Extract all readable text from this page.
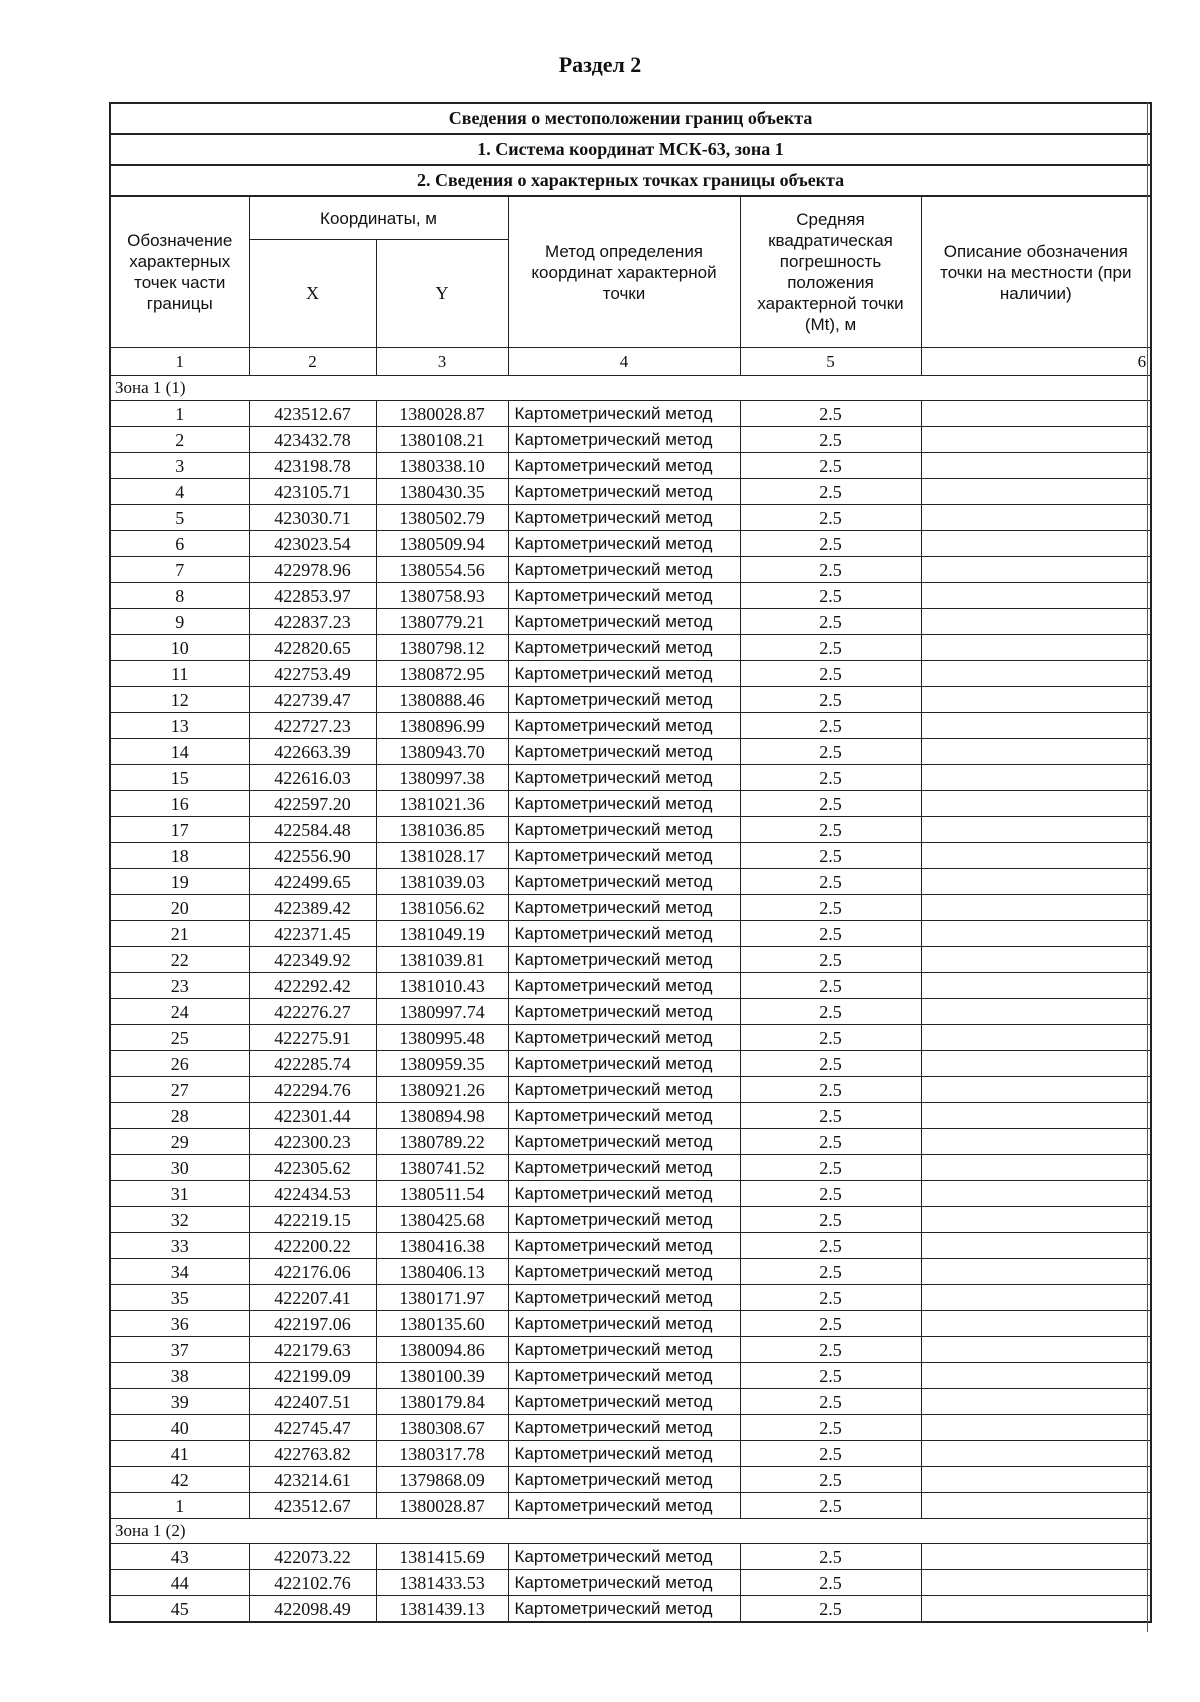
Раздел 2
Сведения о местоположении границ объекта					
1. Система координат МСК-63, зона 1					
2. Сведения о характерных точках границы объекта					
Обозначение характерных точек части границы	Координаты, м		Метод определения координат характерной точки	Средняя квадратическая погрешность положения характерной точки (Mt), м	Описание обозначения точки на местности (при наличии)
	X	Y			
1	2	3	4	5	6
Зона 1 (1)					
1	423512.67	1380028.87	Картометрический метод	2.5	
2	423432.78	1380108.21	Картометрический метод	2.5	
3	423198.78	1380338.10	Картометрический метод	2.5	
4	423105.71	1380430.35	Картометрический метод	2.5	
5	423030.71	1380502.79	Картометрический метод	2.5	
6	423023.54	1380509.94	Картометрический метод	2.5	
7	422978.96	1380554.56	Картометрический метод	2.5	
8	422853.97	1380758.93	Картометрический метод	2.5	
9	422837.23	1380779.21	Картометрический метод	2.5	
10	422820.65	1380798.12	Картометрический метод	2.5	
11	422753.49	1380872.95	Картометрический метод	2.5	
12	422739.47	1380888.46	Картометрический метод	2.5	
13	422727.23	1380896.99	Картометрический метод	2.5	
14	422663.39	1380943.70	Картометрический метод	2.5	
15	422616.03	1380997.38	Картометрический метод	2.5	
16	422597.20	1381021.36	Картометрический метод	2.5	
17	422584.48	1381036.85	Картометрический метод	2.5	
18	422556.90	1381028.17	Картометрический метод	2.5	
19	422499.65	1381039.03	Картометрический метод	2.5	
20	422389.42	1381056.62	Картометрический метод	2.5	
21	422371.45	1381049.19	Картометрический метод	2.5	
22	422349.92	1381039.81	Картометрический метод	2.5	
23	422292.42	1381010.43	Картометрический метод	2.5	
24	422276.27	1380997.74	Картометрический метод	2.5	
25	422275.91	1380995.48	Картометрический метод	2.5	
26	422285.74	1380959.35	Картометрический метод	2.5	
27	422294.76	1380921.26	Картометрический метод	2.5	
28	422301.44	1380894.98	Картометрический метод	2.5	
29	422300.23	1380789.22	Картометрический метод	2.5	
30	422305.62	1380741.52	Картометрический метод	2.5	
31	422434.53	1380511.54	Картометрический метод	2.5	
32	422219.15	1380425.68	Картометрический метод	2.5	
33	422200.22	1380416.38	Картометрический метод	2.5	
34	422176.06	1380406.13	Картометрический метод	2.5	
35	422207.41	1380171.97	Картометрический метод	2.5	
36	422197.06	1380135.60	Картометрический метод	2.5	
37	422179.63	1380094.86	Картометрический метод	2.5	
38	422199.09	1380100.39	Картометрический метод	2.5	
39	422407.51	1380179.84	Картометрический метод	2.5	
40	422745.47	1380308.67	Картометрический метод	2.5	
41	422763.82	1380317.78	Картометрический метод	2.5	
42	423214.61	1379868.09	Картометрический метод	2.5	
1	423512.67	1380028.87	Картометрический метод	2.5	
Зона 1 (2)					
43	422073.22	1381415.69	Картометрический метод	2.5	
44	422102.76	1381433.53	Картометрический метод	2.5	
45	422098.49	1381439.13	Картометрический метод	2.5	
